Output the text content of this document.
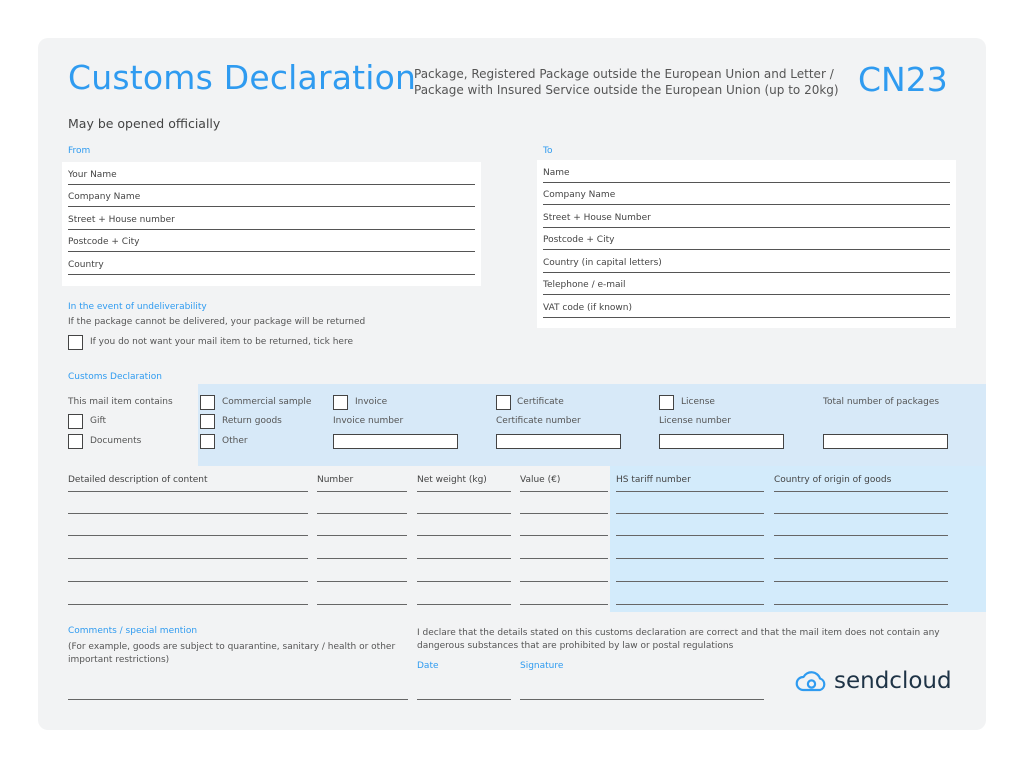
Customs Declaration
Package, Registered Package outside the European Union and Letter /
Package with Insured Service outside the European Union (up to 20kg) CN23
May be opened officially
From
Your Name
Company Name
Street + House number
Postcode + City
Country
To
Name
Company Name
Street + House Number
Postcode + City
Country (in capital letters)
Telephone / e-mail
VAT code (if known)
In the event of undeliverability
If the package cannot be delivered, your package will be returned
If you do not want your mail item to be returned, tick here
Customs Declaration
This mail item contains
Gift
Documents
Commercial sample
Return goods
Other
Invoice
Invoice number
Certificate
Certificate number
License
License number
Total number of packages
Detailed description of content	Number	Net weight (kg)	Value (€)	HS tariff number	Country of origin of goods
Comments / special mention
(For example, goods are subject to quarantine, sanitary / health or other
important restrictions)
I declare that the details stated on this customs declaration are correct and that the mail item does not contain any
dangerous substances that are prohibited by law or postal regulations
Date	Signature
sendcloud
